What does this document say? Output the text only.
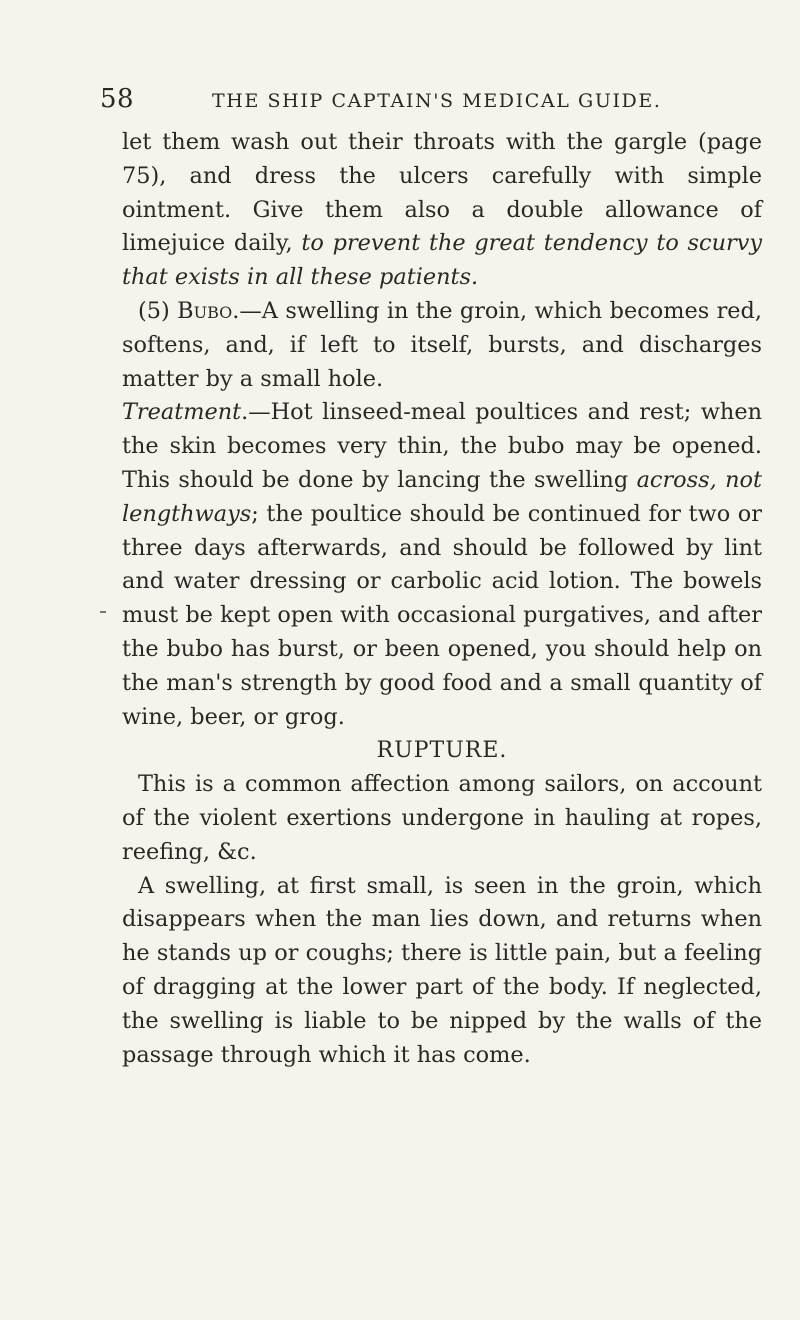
58	THE SHIP CAPTAIN'S MEDICAL GUIDE.

let them wash out their throats with the gargle (page 75), and dress the ulcers carefully with simple ointment. Give them also a double allowance of limejuice daily, to prevent the great tendency to scurvy that exists in all these patients.

(5) Bubo.—A swelling in the groin, which becomes red, softens, and, if left to itself, bursts, and discharges matter by a small hole.

Treatment.—Hot linseed-meal poultices and rest; when the skin becomes very thin, the bubo may be opened. This should be done by lancing the swelling across, not lengthways; the poultice should be continued for two or three days afterwards, and should be followed by lint and water dressing or carbolic acid lotion. The bowels must be kept open with occasional purgatives, and after the bubo has burst, or been opened, you should help on the man's strength by good food and a small quantity of wine, beer, or grog.

RUPTURE.

This is a common affection among sailors, on account of the violent exertions undergone in hauling at ropes, reefing, &c.

A swelling, at first small, is seen in the groin, which disappears when the man lies down, and returns when he stands up or coughs; there is little pain, but a feeling of dragging at the lower part of the body. If neglected, the swelling is liable to be nipped by the walls of the passage through which it has come.
